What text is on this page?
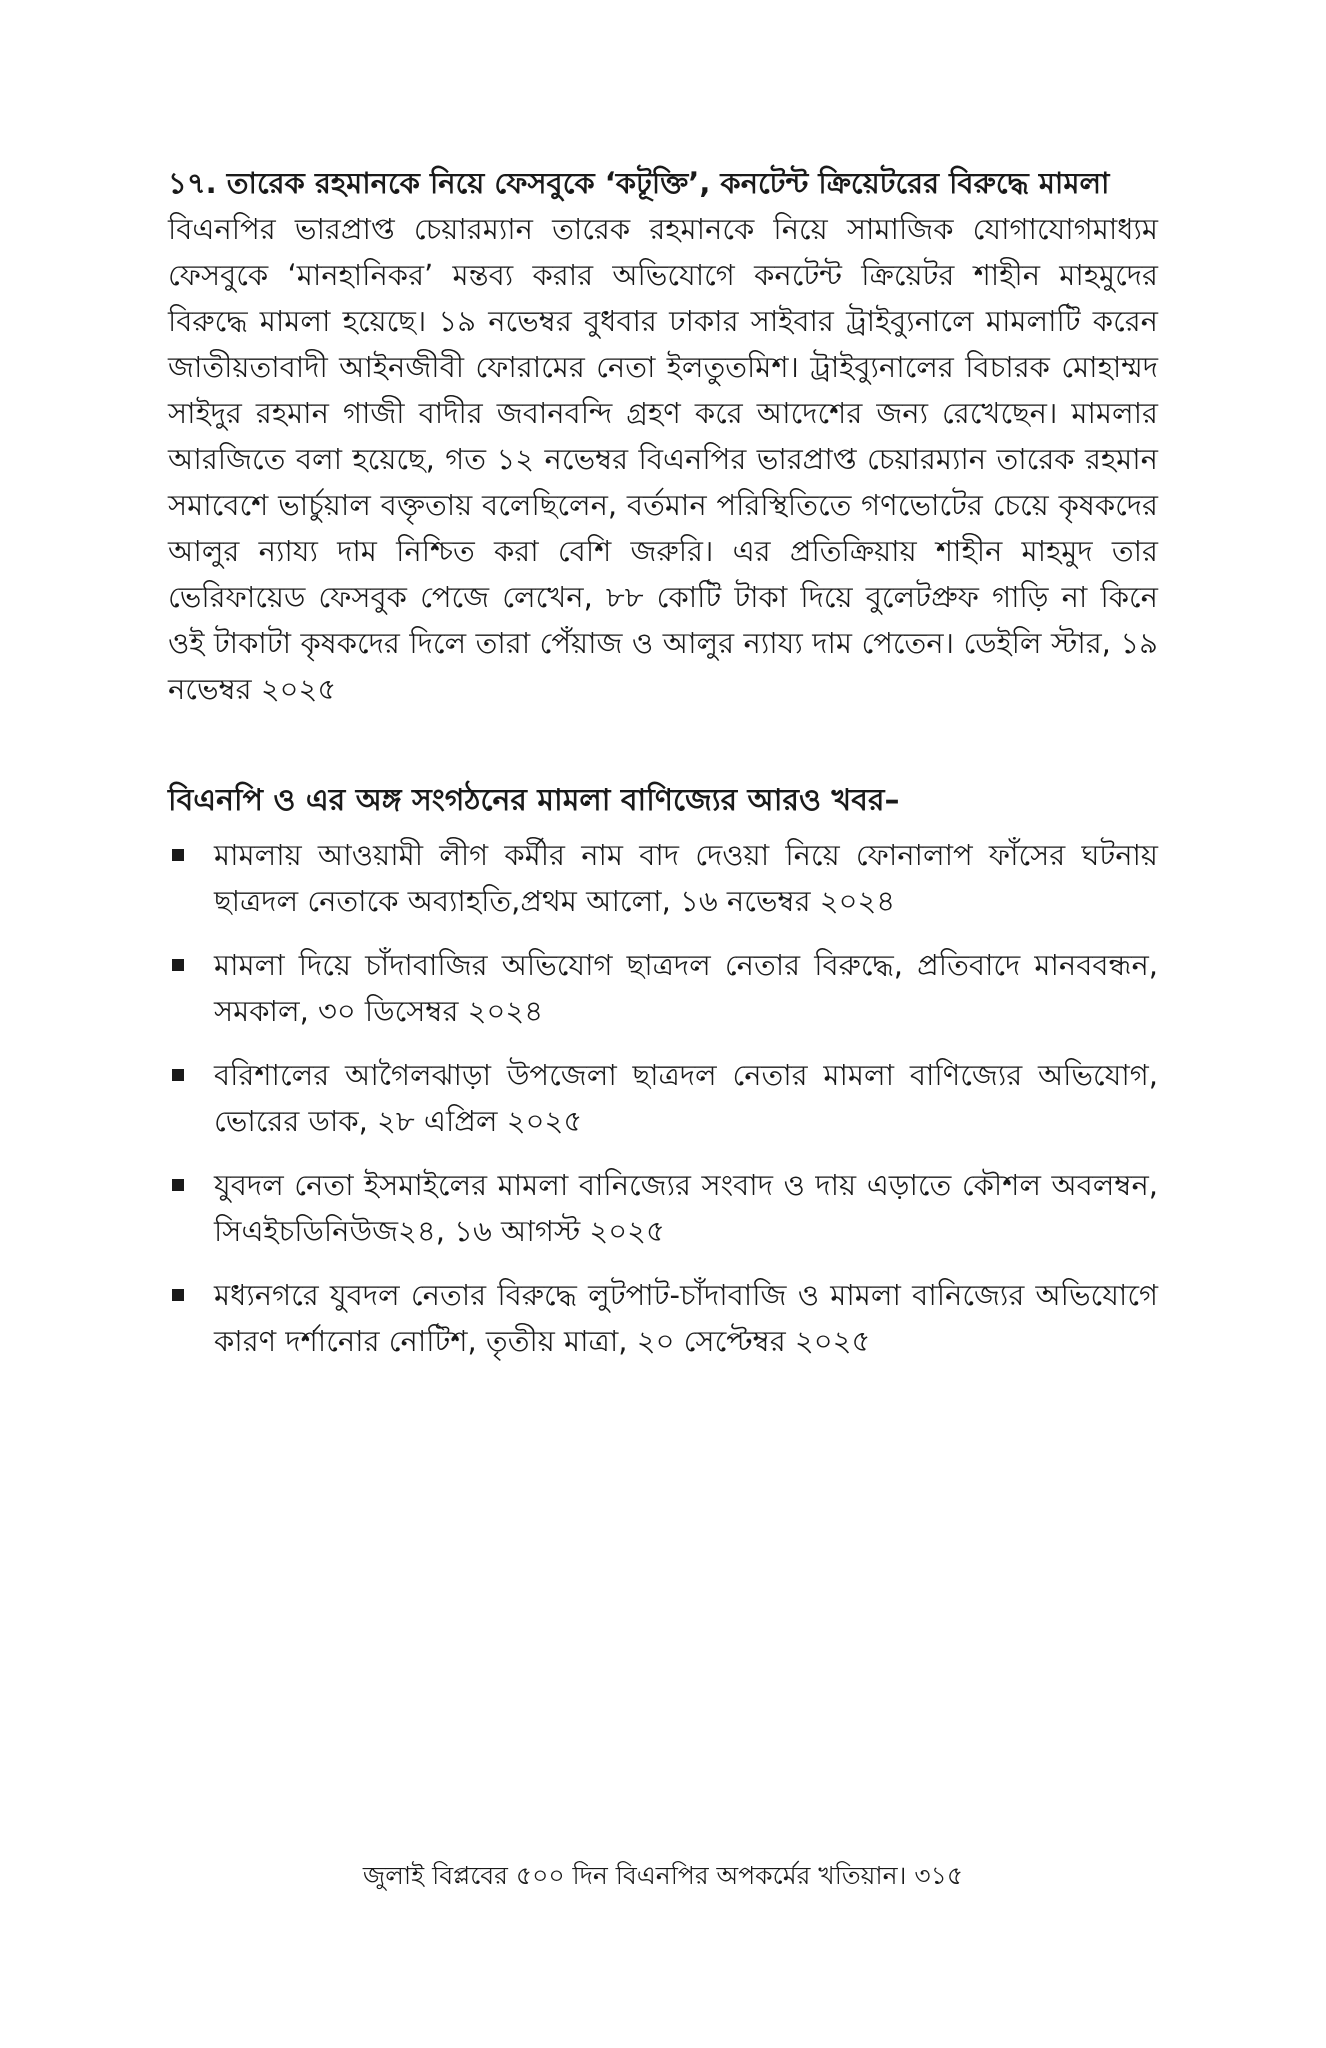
১৭. তারেক রহমানকে নিয়ে ফেসবুকে ‘কটূক্তি’, কনটেন্ট ক্রিয়েটরের বিরুদ্ধে মামলা

বিএনপির ভারপ্রাপ্ত চেয়ারম্যান তারেক রহমানকে নিয়ে সামাজিক যোগাযোগমাধ্যম ফেসবুকে ‘মানহানিকর’ মন্তব্য করার অভিযোগে কনটেন্ট ক্রিয়েটর শাহীন মাহমুদের বিরুদ্ধে মামলা হয়েছে। ১৯ নভেম্বর বুধবার ঢাকার সাইবার ট্রাইব্যুনালে মামলাটি করেন জাতীয়তাবাদী আইনজীবী ফোরামের নেতা ইলতুতমিশ। ট্রাইব্যুনালের বিচারক মোহাম্মদ সাইদুর রহমান গাজী বাদীর জবানবন্দি গ্রহণ করে আদেশের জন্য রেখেছেন। মামলার আরজিতে বলা হয়েছে, গত ১২ নভেম্বর বিএনপির ভারপ্রাপ্ত চেয়ারম্যান তারেক রহমান সমাবেশে ভার্চুয়াল বক্তৃতায় বলেছিলেন, বর্তমান পরিস্থিতিতে গণভোটের চেয়ে কৃষকদের আলুর ন্যায্য দাম নিশ্চিত করা বেশি জরুরি। এর প্রতিক্রিয়ায় শাহীন মাহমুদ তার ভেরিফায়েড ফেসবুক পেজে লেখেন, ৮৮ কোটি টাকা দিয়ে বুলেটপ্রুফ গাড়ি না কিনে ওই টাকাটা কৃষকদের দিলে তারা পেঁয়াজ ও আলুর ন্যায্য দাম পেতেন। ডেইলি স্টার, ১৯ নভেম্বর ২০২৫

বিএনপি ও এর অঙ্গ সংগঠনের মামলা বাণিজ্যের আরও খবর–
মামলায় আওয়ামী লীগ কর্মীর নাম বাদ দেওয়া নিয়ে ফোনালাপ ফাঁসের ঘটনায় ছাত্রদল নেতাকে অব্যাহতি,প্রথম আলো, ১৬ নভেম্বর ২০২৪
মামলা দিয়ে চাঁদাবাজির অভিযোগ ছাত্রদল নেতার বিরুদ্ধে, প্রতিবাদে মানববন্ধন, সমকাল, ৩০ ডিসেম্বর ২০২৪
বরিশালের আগৈলঝাড়া উপজেলা ছাত্রদল নেতার মামলা বাণিজ্যের অভিযোগ, ভোরের ডাক, ২৮ এপ্রিল ২০২৫
যুবদল নেতা ইসমাইলের মামলা বানিজ্যের সংবাদ ও দায় এড়াতে কৌশল অবলম্বন, সিএইচডিনিউজ২৪, ১৬ আগস্ট ২০২৫
মধ্যনগরে যুবদল নেতার বিরুদ্ধে লুটপাট-চাঁদাবাজি ও মামলা বানিজ্যের অভিযোগে কারণ দর্শানোর নোটিশ, তৃতীয় মাত্রা, ২০ সেপ্টেম্বর ২০২৫
জুলাই বিপ্লবের ৫০০ দিন বিএনপির অপকর্মের খতিয়ান। ৩১৫
